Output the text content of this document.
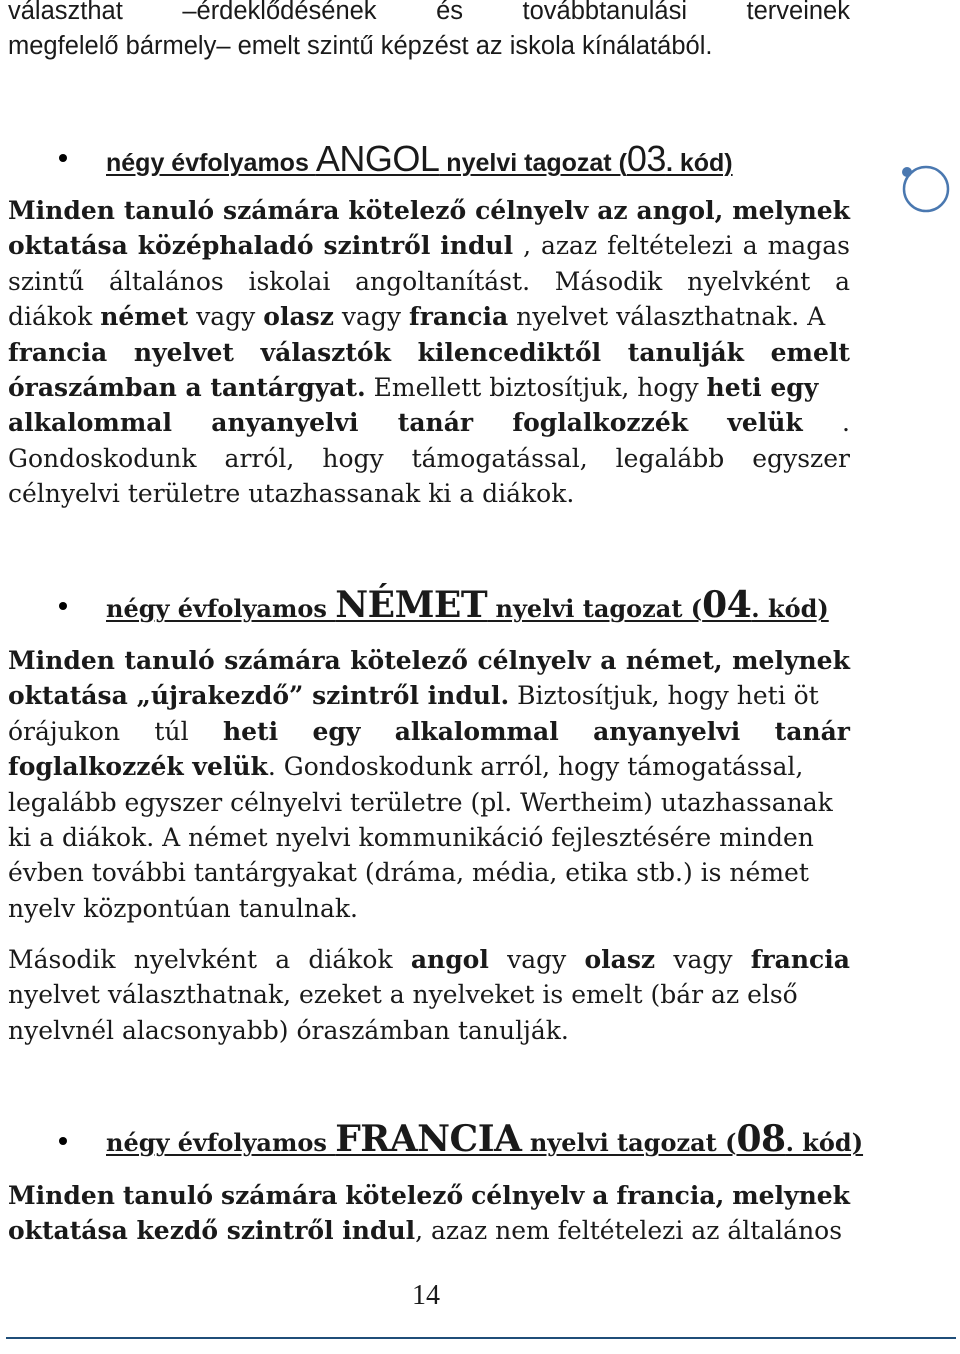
választhat –érdeklődésének és továbbtanulási terveinek
megfelelő bármely– emelt szintű képzést az iskola kínálatából.
négy évfolyamos ANGOL nyelvi tagozat (03. kód)
Minden tanuló számára kötelező célnyelv az angol, melynek
oktatása középhaladó szintről indul , azaz feltételezi a magas
szintű általános iskolai angoltanítást. Második nyelvként a
diákok német vagy olasz vagy francia nyelvet választhatnak. A
francia nyelvet választók kilencediktől tanulják emelt
óraszámban a tantárgyat. Emellett biztosítjuk, hogy heti egy
alkalommal anyanyelvi tanár foglalkozzék velük .
Gondoskodunk arról, hogy támogatással, legalább egyszer
célnyelvi területre utazhassanak ki a diákok.
négy évfolyamos NÉMET nyelvi tagozat (04. kód)
Minden tanuló számára kötelező célnyelv a német, melynek
oktatása „újrakezdő” szintről indul. Biztosítjuk, hogy heti öt
órájukon túl heti egy alkalommal anyanyelvi tanár
foglalkozzék velük. Gondoskodunk arról, hogy támogatással,
legalább egyszer célnyelvi területre (pl. Wertheim) utazhassanak
ki a diákok. A német nyelvi kommunikáció fejlesztésére minden
évben további tantárgyakat (dráma, média, etika stb.) is német
nyelv központúan tanulnak.
Második nyelvként a diákok angol vagy olasz vagy francia
nyelvet választhatnak, ezeket a nyelveket is emelt (bár az első
nyelvnél alacsonyabb) óraszámban tanulják.
négy évfolyamos FRANCIA nyelvi tagozat (08. kód)
Minden tanuló számára kötelező célnyelv a francia, melynek
oktatása kezdő szintről indul, azaz nem feltételezi az általános
14
